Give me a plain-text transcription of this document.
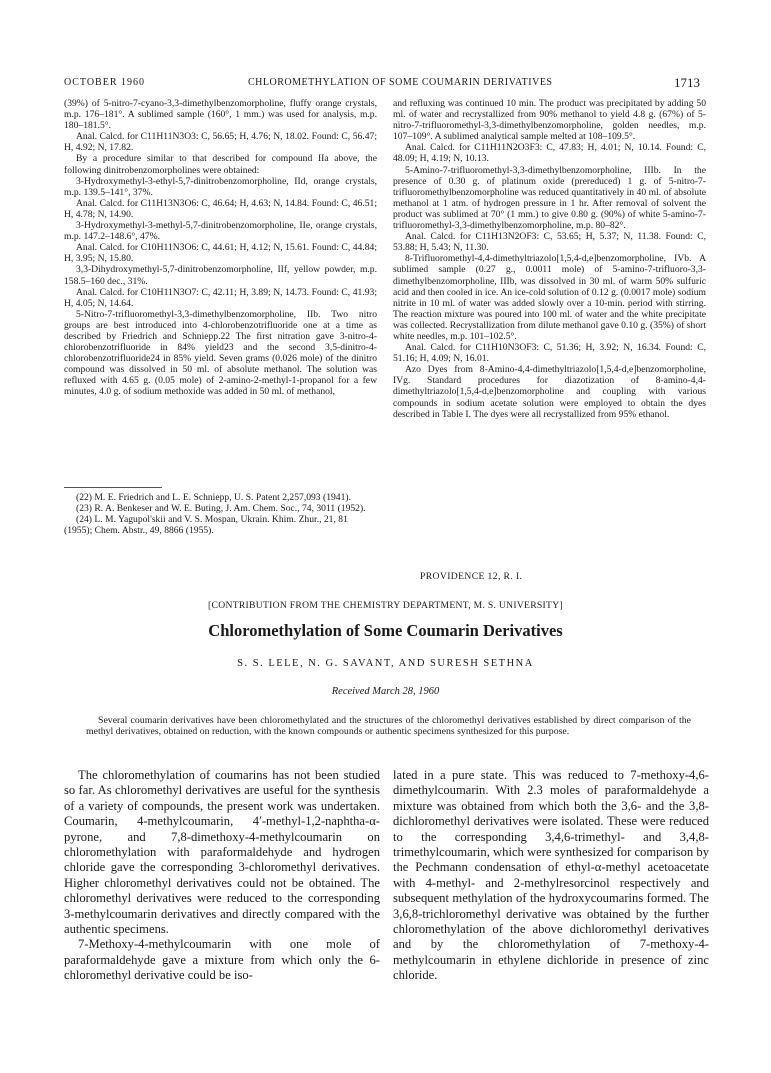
OCTOBER 1960	CHLOROMETHYLATION OF SOME COUMARIN DERIVATIVES	1713

(39%) of 5-nitro-7-cyano-3,3-dimethylbenzomorpholine, fluffy orange crystals, m.p. 176–181°. A sublimed sample (160°, 1 mm.) was used for analysis, m.p. 180–181.5°.

Anal. Calcd. for C11H11N3O3: C, 56.65; H, 4.76; N, 18.02. Found: C, 56.47; H, 4.92; N, 17.82.

By a procedure similar to that described for compound IIa above, the following dinitrobenzomorpholines were obtained:

3-Hydroxymethyl-3-ethyl-5,7-dinitrobenzomorpholine, IId, orange crystals, m.p. 139.5–141°, 37%.

Anal. Calcd. for C11H13N3O6: C, 46.64; H, 4.63; N, 14.84. Found: C, 46.51; H, 4.78; N, 14.90.

3-Hydroxymethyl-3-methyl-5,7-dinitrobenzomorpholine, IIe, orange crystals, m.p. 147.2–148.6°, 47%.

Anal. Calcd. for C10H11N3O6: C, 44.61; H, 4.12; N, 15.61. Found: C, 44.84; H, 3.95; N, 15.80.

3,3-Dihydroxymethyl-5,7-dinitrobenzomorpholine, IIf, yellow powder, m.p. 158.5–160 dec., 31%.

Anal. Calcd. for C10H11N3O7: C, 42.11; H, 3.89; N, 14.73. Found: C, 41.93; H, 4.05; N, 14.64.

5-Nitro-7-trifluoromethyl-3,3-dimethylbenzomorpholine, IIb. Two nitro groups are best introduced into 4-chlorobenzotrifluoride one at a time as described by Friedrich and Schniepp.22 The first nitration gave 3-nitro-4-chlorobenzotrifluoride in 84% yield23 and the second 3,5-dinitro-4-chlorobenzotrifluoride24 in 85% yield. Seven grams (0.026 mole) of the dinitro compound was dissolved in 50 ml. of absolute methanol. The solution was refluxed with 4.65 g. (0.05 mole) of 2-amino-2-methyl-1-propanol for a few minutes, 4.0 g. of sodium methoxide was added in 50 ml. of methanol,

(22) M. E. Friedrich and L. E. Schniepp, U. S. Patent 2,257,093 (1941).

(23) R. A. Benkeser and W. E. Buting, J. Am. Chem. Soc., 74, 3011 (1952).

(24) L. M. Yagupol'skii and V. S. Mospan, Ukrain. Khim. Zhur., 21, 81 (1955); Chem. Abstr., 49, 8866 (1955).

and refluxing was continued 10 min. The product was precipitated by adding 50 ml. of water and recrystallized from 90% methanol to yield 4.8 g. (67%) of 5-nitro-7-trifluoromethyl-3,3-dimethylbenzomorpholine, golden needles, m.p. 107–109°. A sublimed analytical sample melted at 108–109.5°.

Anal. Calcd. for C11H11N2O3F3: C, 47.83; H, 4.01; N, 10.14. Found: C, 48.09; H, 4.19; N, 10.13.

5-Amino-7-trifluoromethyl-3,3-dimethylbenzomorpholine, IIIb. In the presence of 0.30 g. of platinum oxide (prereduced) 1 g. of 5-nitro-7-trifluoromethylbenzomorpholine was reduced quantitatively in 40 ml. of absolute methanol at 1 atm. of hydrogen pressure in 1 hr. After removal of solvent the product was sublimed at 70° (1 mm.) to give 0.80 g. (90%) of white 5-amino-7-trifluoromethyl-3,3-dimethylbenzomorpholine, m.p. 80–82°.

Anal. Calcd. for C11H13N2OF3: C, 53.65; H, 5.37; N, 11.38. Found: C, 53.88; H, 5.43; N, 11.30.

8-Trifluoromethyl-4,4-dimethyltriazolo[1,5,4-d,e]benzomorpholine, IVb. A sublimed sample (0.27 g., 0.0011 mole) of 5-amino-7-trifluoro-3,3-dimethylbenzomorpholine, IIIb, was dissolved in 30 ml. of warm 50% sulfuric acid and then cooled in ice. An ice-cold solution of 0.12 g. (0.0017 mole) sodium nitrite in 10 ml. of water was added slowly over a 10-min. period with stirring. The reaction mixture was poured into 100 ml. of water and the white precipitate was collected. Recrystallization from dilute methanol gave 0.10 g. (35%) of short white needles, m.p. 101–102.5°.

Anal. Calcd. for C11H10N3OF3: C, 51.36; H, 3.92; N, 16.34. Found: C, 51.16; H, 4.09; N, 16.01.

Azo Dyes from 8-Amino-4,4-dimethyltriazolo[1,5,4-d,e]benzomorpholine, IVg. Standard procedures for diazotization of 8-amino-4,4-dimethyltriazolo[1,5,4-d,e]benzomorpholine and coupling with various compounds in sodium acetate solution were employed to obtain the dyes described in Table I. The dyes were all recrystallized from 95% ethanol.

PROVIDENCE 12, R. I.
[CONTRIBUTION FROM THE CHEMISTRY DEPARTMENT, M. S. UNIVERSITY]
Chloromethylation of Some Coumarin Derivatives
S. S. LELE, N. G. SAVANT, AND SURESH SETHNA
Received March 28, 1960

Several coumarin derivatives have been chloromethylated and the structures of the chloromethyl derivatives established by direct comparison of the methyl derivatives, obtained on reduction, with the known compounds or authentic specimens synthesized for this purpose.

The chloromethylation of coumarins has not been studied so far. As chloromethyl derivatives are useful for the synthesis of a variety of compounds, the present work was undertaken. Coumarin, 4-methylcoumarin, 4′-methyl-1,2-naphtha-α-pyrone, and 7,8-dimethoxy-4-methylcoumarin on chloromethylation with paraformaldehyde and hydrogen chloride gave the corresponding 3-chloromethyl derivatives. Higher chloromethyl derivatives could not be obtained. The chloromethyl derivatives were reduced to the corresponding 3-methylcoumarin derivatives and directly compared with the authentic specimens.

7-Methoxy-4-methylcoumarin with one mole of paraformaldehyde gave a mixture from which only the 6-chloromethyl derivative could be iso-

lated in a pure state. This was reduced to 7-methoxy-4,6-dimethylcoumarin. With 2.3 moles of paraformaldehyde a mixture was obtained from which both the 3,6- and the 3,8-dichloromethyl derivatives were isolated. These were reduced to the corresponding 3,4,6-trimethyl- and 3,4,8-trimethylcoumarin, which were synthesized for comparison by the Pechmann condensation of ethyl-α-methyl acetoacetate with 4-methyl- and 2-methylresorcinol respectively and subsequent methylation of the hydroxycoumarins formed. The 3,6,8-trichloromethyl derivative was obtained by the further chloromethylation of the above dichloromethyl derivatives and by the chloromethylation of 7-methoxy-4-methylcoumarin in ethylene dichloride in presence of zinc chloride.
